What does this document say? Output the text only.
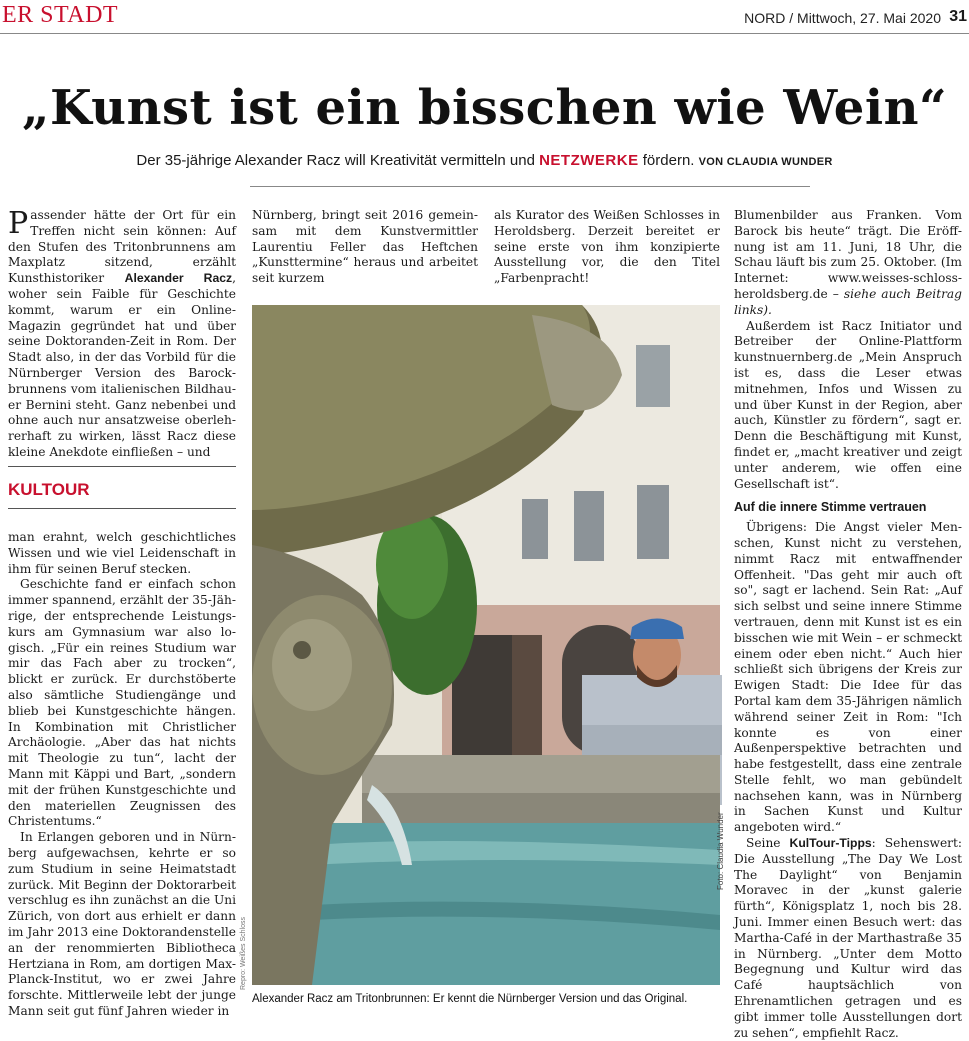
ER STADT	NORD / Mittwoch, 27. Mai 2020 31
„Kunst ist ein bisschen wie Wein“
Der 35-jährige Alexander Racz will Kreativität vermitteln und NETZWERKE fördern. VON CLAUDIA WUNDER

Passender hätte der Ort für ein Treffen nicht sein können: Auf den Stufen des Tritonbrunnens am Maxplatz sitzend, erzählt Kunsthistoriker Alexander Racz, woher sein Faible für Geschichte kommt, warum er ein Online-Magazin gegründet hat und über seine Doktoranden-Zeit in Rom. Der Stadt also, in der das Vorbild für die Nürnberger Version des Barockbrunnens vom italienischen Bildhauer Bernini steht. Ganz nebenbei und ohne auch nur ansatzweise oberlehrerhaft zu wirken, lässt Racz diese kleine Anekdote einfließen – und

KULTOUR

man erahnt, welch geschichtliches Wissen und wie viel Leidenschaft in ihm für seinen Beruf stecken.

Geschichte fand er einfach schon immer spannend, erzählt der 35-Jährige, der entsprechende Leistungskurs am Gymnasium war also logisch. „Für ein reines Studium war mir das Fach aber zu trocken“, blickt er zurück. Er durchstöberte also sämtliche Studiengänge und blieb bei Kunstgeschichte hängen. In Kombination mit Christlicher Archäologie. „Aber das hat nichts mit Theologie zu tun“, lacht der Mann mit Käppi und Bart, „sondern mit der frühen Kunstgeschichte und den materiellen Zeugnissen des Christentums.“

In Erlangen geboren und in Nürnberg aufgewachsen, kehrte er so zum Studium in seine Heimatstadt zurück. Mit Beginn der Doktorarbeit verschlug es ihn zunächst an die Uni Zürich, von dort aus erhielt er dann im Jahr 2013 eine Doktorandenstelle an der renommierten Bibliotheca Hertziana in Rom, am dortigen Max-Planck-Institut, wo er zwei Jahre forschte. Mittlerweile lebt der junge Mann seit gut fünf Jahren wieder in

Nürnberg, bringt seit 2016 gemeinsam mit dem Kunstvermittler Laurentiu Feller das Heftchen „Kunsttermine“ heraus und arbeitet seit kurzem

als Kurator des Weißen Schlosses in Heroldsberg. Derzeit bereitet er seine erste von ihm konzipierte Ausstellung vor, die den Titel „Farbenpracht!

Blumenbilder aus Franken. Vom Barock bis heute“ trägt. Die Eröffnung ist am 11. Juni, 18 Uhr, die Schau läuft bis zum 25. Oktober. (Im Internet: www.weisses-schlossheroldsberg.de – siehe auch Beitrag links).

Außerdem ist Racz Initiator und Betreiber der Online-Plattform kunstnuernberg.de „Mein Anspruch ist es, dass die Leser etwas mitnehmen, Infos und Wissen zu und über Kunst in der Region, aber auch, Künstler zu fördern“, sagt er. Denn die Beschäftigung mit Kunst, findet er, „macht kreativer und zeigt unter anderem, wie offen eine Gesellschaft ist“.

Auf die innere Stimme vertrauen

Übrigens: Die Angst vieler Menschen, Kunst nicht zu verstehen, nimmt Racz mit entwaffnender Offenheit. "Das geht mir auch oft so", sagt er lachend. Sein Rat: „Auf sich selbst und seine innere Stimme vertrauen, denn mit Kunst ist es ein bisschen wie mit Wein – er schmeckt einem oder eben nicht.“ Auch hier schließt sich übrigens der Kreis zur Ewigen Stadt: Die Idee für das Portal kam dem 35-Jährigen nämlich während seiner Zeit in Rom: "Ich konnte es von einer Außenperspektive betrachten und habe festgestellt, dass eine zentrale Stelle fehlt, wo man gebündelt nachsehen kann, was in Nürnberg in Sachen Kunst und Kultur angeboten wird.“

Seine KulTour-Tipps: Sehenswert: Die Ausstellung „The Day We Lost The Daylight“ von Benjamin Moravec in der „kunst galerie fürth“, Königsplatz 1, noch bis 28. Juni. Immer einen Besuch wert: das Martha-Café in der Marthastraße 35 in Nürnberg. „Unter dem Motto Begegnung und Kultur wird das Café hauptsächlich von Ehrenamtlichen getragen und es gibt immer tolle Ausstellungen dort zu sehen“, empfiehlt Racz.

Foto: Claudia Wunder
Repro: Weißes Schloss
Alexander Racz am Tritonbrunnen: Er kennt die Nürnberger Version und das Original.
